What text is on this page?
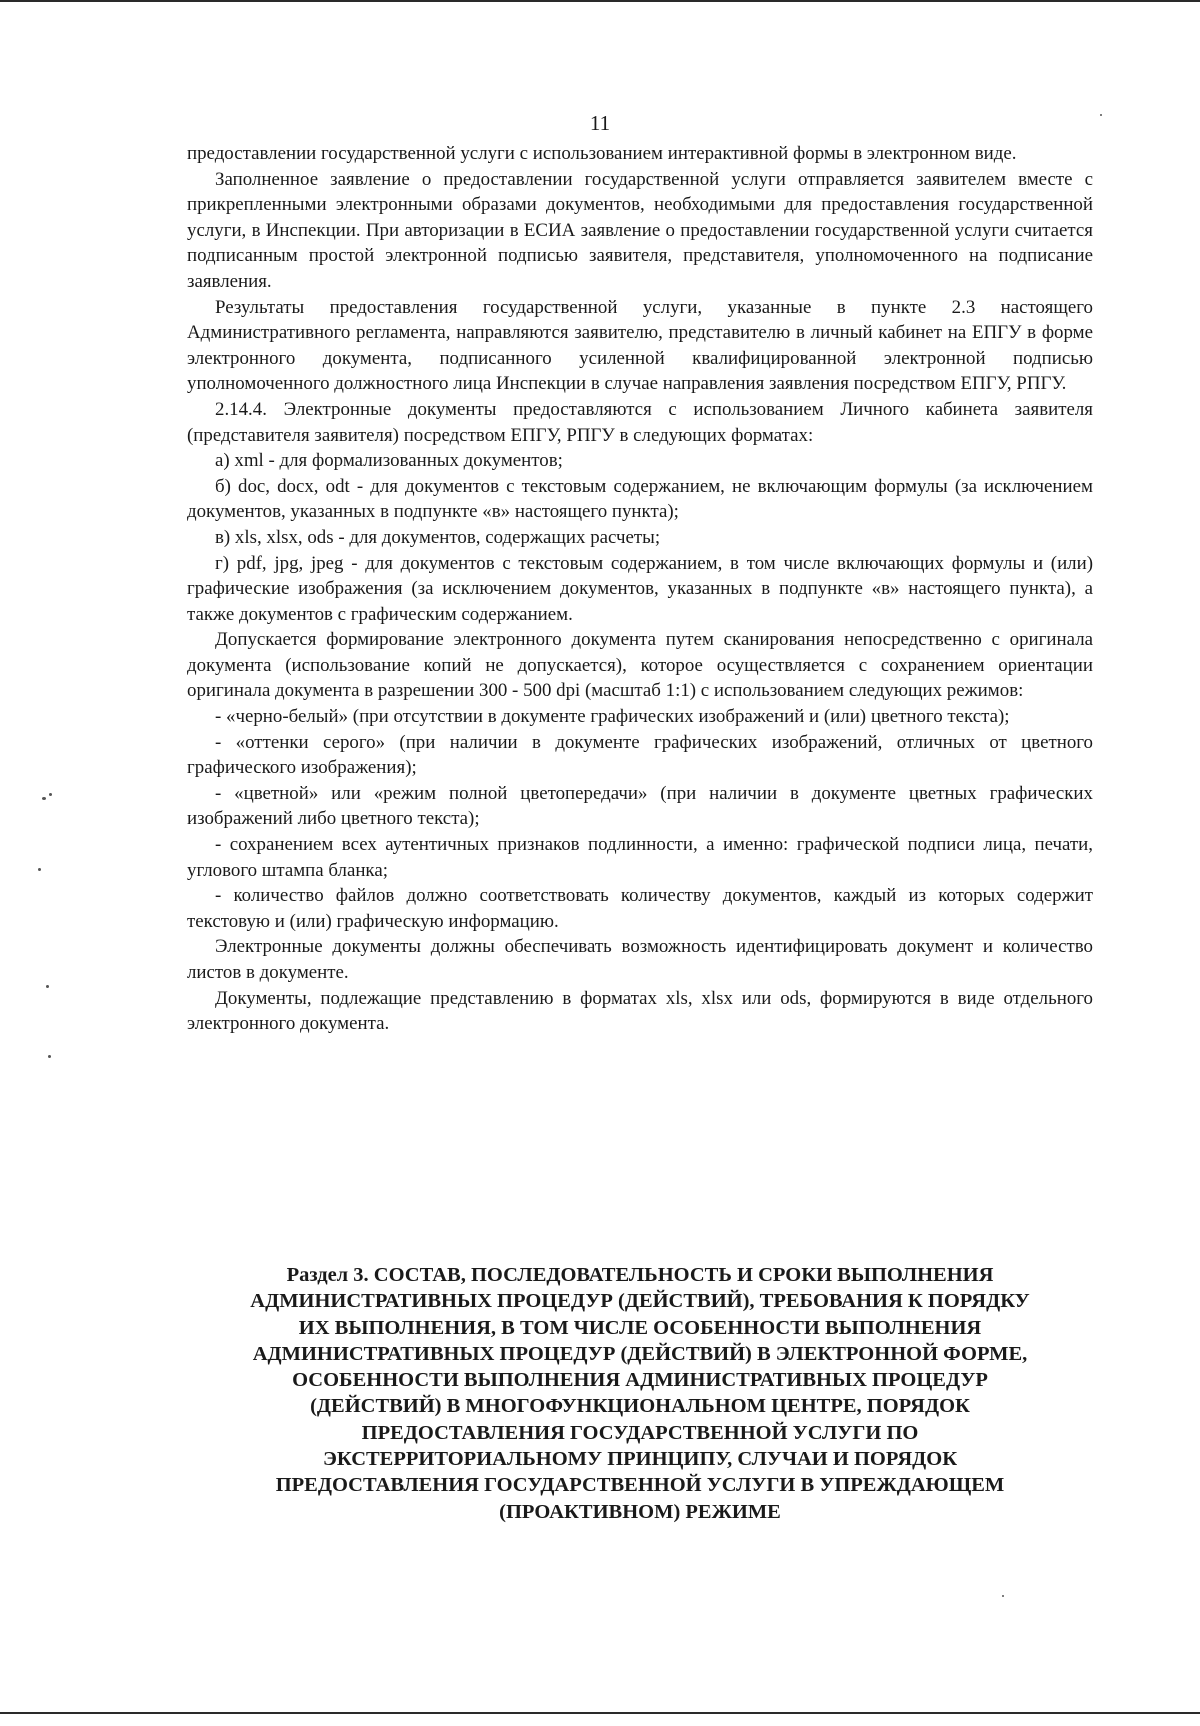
11

предоставлении государственной услуги с использованием интерактивной формы в электронном виде.

Заполненное заявление о предоставлении государственной услуги отправляется заявителем вместе с прикрепленными электронными образами документов, необходимыми для предоставления государственной услуги, в Инспекции. При авторизации в ЕСИА заявление о предоставлении государственной услуги считается подписанным простой электронной подписью заявителя, представителя, уполномоченного на подписание заявления.

Результаты предоставления государственной услуги, указанные в пункте 2.3 настоящего Административного регламента, направляются заявителю, представителю в личный кабинет на ЕПГУ в форме электронного документа, подписанного усиленной квалифицированной электронной подписью уполномоченного должностного лица Инспекции в случае направления заявления посредством ЕПГУ, РПГУ.

2.14.4. Электронные документы предоставляются с использованием Личного кабинета заявителя (представителя заявителя) посредством ЕПГУ, РПГУ в следующих форматах:

а) xml - для формализованных документов;

б) doc, docx, odt - для документов с текстовым содержанием, не включающим формулы (за исключением документов, указанных в подпункте «в» настоящего пункта);

в) xls, xlsx, ods - для документов, содержащих расчеты;

г) pdf, jpg, jpeg - для документов с текстовым содержанием, в том числе включающих формулы и (или) графические изображения (за исключением документов, указанных в подпункте «в» настоящего пункта), а также документов с графическим содержанием.

Допускается формирование электронного документа путем сканирования непосредственно с оригинала документа (использование копий не допускается), которое осуществляется с сохранением ориентации оригинала документа в разрешении 300 - 500 dpi (масштаб 1:1) с использованием следующих режимов:

- «черно-белый» (при отсутствии в документе графических изображений и (или) цветного текста);

- «оттенки серого» (при наличии в документе графических изображений, отличных от цветного графического изображения);

- «цветной» или «режим полной цветопередачи» (при наличии в документе цветных графических изображений либо цветного текста);

- сохранением всех аутентичных признаков подлинности, а именно: графической подписи лица, печати, углового штампа бланка;

- количество файлов должно соответствовать количеству документов, каждый из которых содержит текстовую и (или) графическую информацию.

Электронные документы должны обеспечивать возможность идентифицировать документ и количество листов в документе.

Документы, подлежащие представлению в форматах xls, xlsx или ods, формируются в виде отдельного электронного документа.

Раздел 3. СОСТАВ, ПОСЛЕДОВАТЕЛЬНОСТЬ И СРОКИ ВЫПОЛНЕНИЯ
АДМИНИСТРАТИВНЫХ ПРОЦЕДУР (ДЕЙСТВИЙ), ТРЕБОВАНИЯ К ПОРЯДКУ
ИХ ВЫПОЛНЕНИЯ, В ТОМ ЧИСЛЕ ОСОБЕННОСТИ ВЫПОЛНЕНИЯ
АДМИНИСТРАТИВНЫХ ПРОЦЕДУР (ДЕЙСТВИЙ) В ЭЛЕКТРОННОЙ ФОРМЕ,
ОСОБЕННОСТИ ВЫПОЛНЕНИЯ АДМИНИСТРАТИВНЫХ ПРОЦЕДУР
(ДЕЙСТВИЙ) В МНОГОФУНКЦИОНАЛЬНОМ ЦЕНТРЕ, ПОРЯДОК
ПРЕДОСТАВЛЕНИЯ ГОСУДАРСТВЕННОЙ УСЛУГИ ПО
ЭКСТЕРРИТОРИАЛЬНОМУ ПРИНЦИПУ, СЛУЧАИ И ПОРЯДОК
ПРЕДОСТАВЛЕНИЯ ГОСУДАРСТВЕННОЙ УСЛУГИ В УПРЕЖДАЮЩЕМ
(ПРОАКТИВНОМ) РЕЖИМЕ
